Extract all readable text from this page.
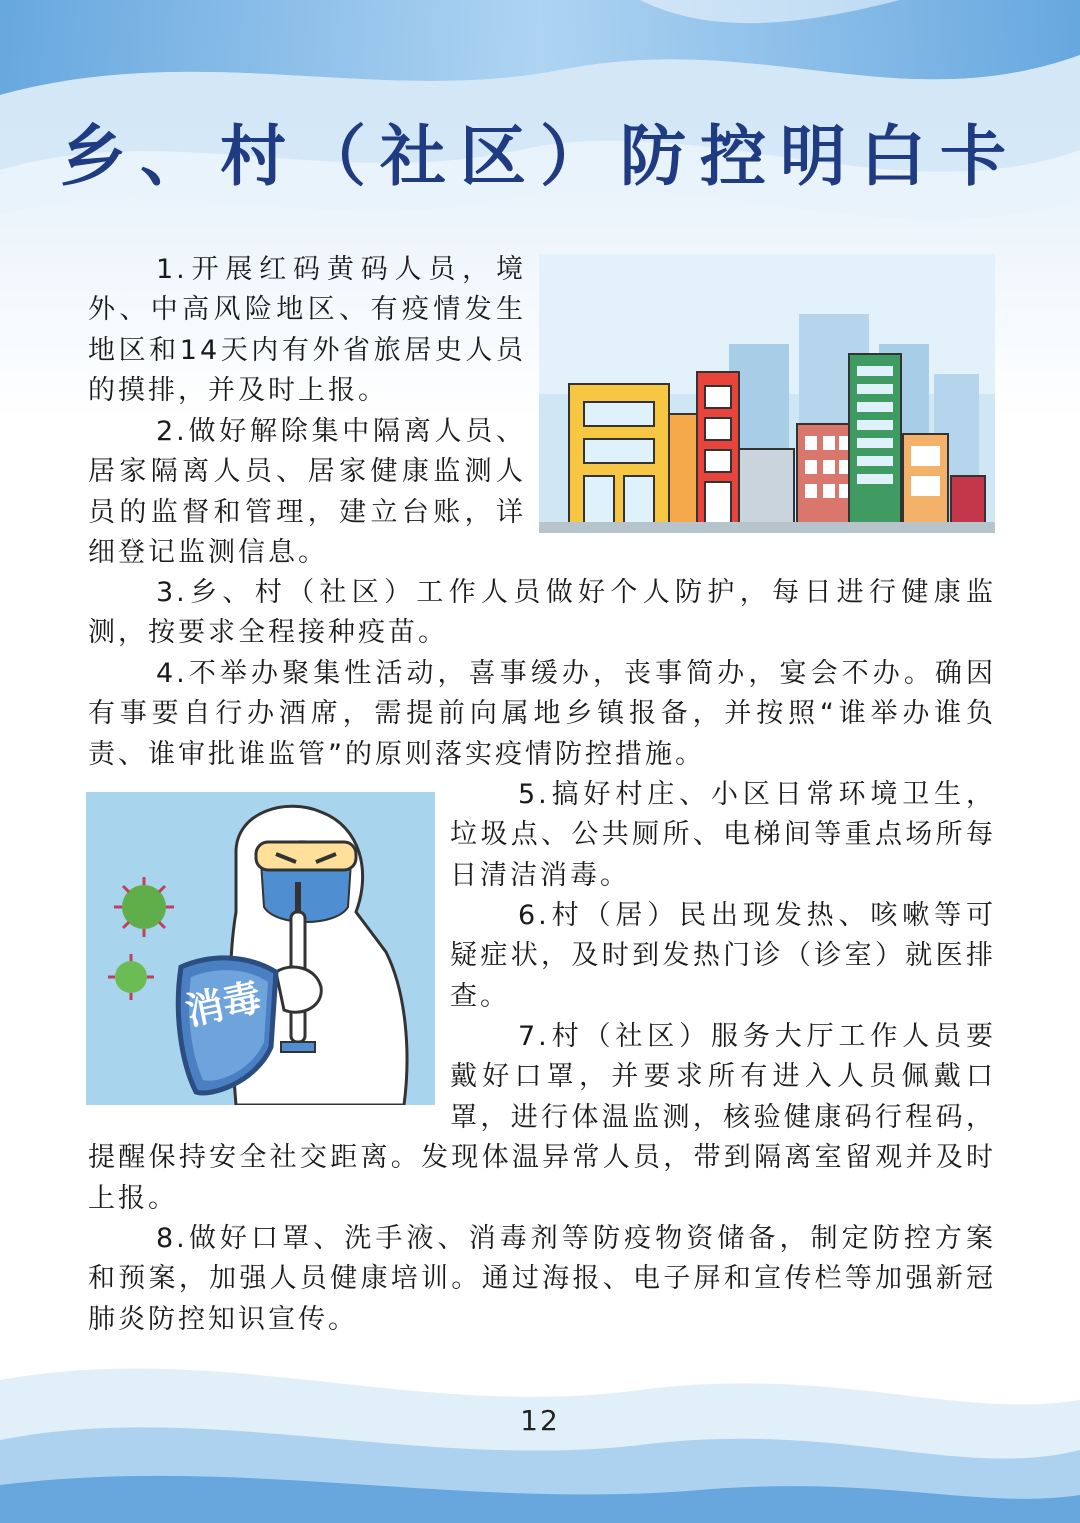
乡、村（社区）防控明白卡

1.开展红码黄码人员，境外、中高风险地区、有疫情发生地区和14天内有外省旅居史人员的摸排，并及时上报。

2.做好解除集中隔离人员、居家隔离人员、居家健康监测人员的监督和管理，建立台账，详细登记监测信息。

3.乡、村（社区）工作人员做好个人防护，每日进行健康监测，按要求全程接种疫苗。

4.不举办聚集性活动，喜事缓办，丧事简办，宴会不办。确因有事要自行办酒席，需提前向属地乡镇报备，并按照“谁举办谁负责、谁审批谁监管”的原则落实疫情防控措施。

5.搞好村庄、小区日常环境卫生，垃圾点、公共厕所、电梯间等重点场所每日清洁消毒。

6.村（居）民出现发热、咳嗽等可疑症状，及时到发热门诊（诊室）就医排查。

7.村（社区）服务大厅工作人员要戴好口罩，并要求所有进入人员佩戴口罩，进行体温监测，核验健康码行程码，提醒保持安全社交距离。发现体温异常人员，带到隔离室留观并及时上报。

8.做好口罩、洗手液、消毒剂等防疫物资储备，制定防控方案和预案，加强人员健康培训。通过海报、电子屏和宣传栏等加强新冠肺炎防控知识宣传。

消毒

12
